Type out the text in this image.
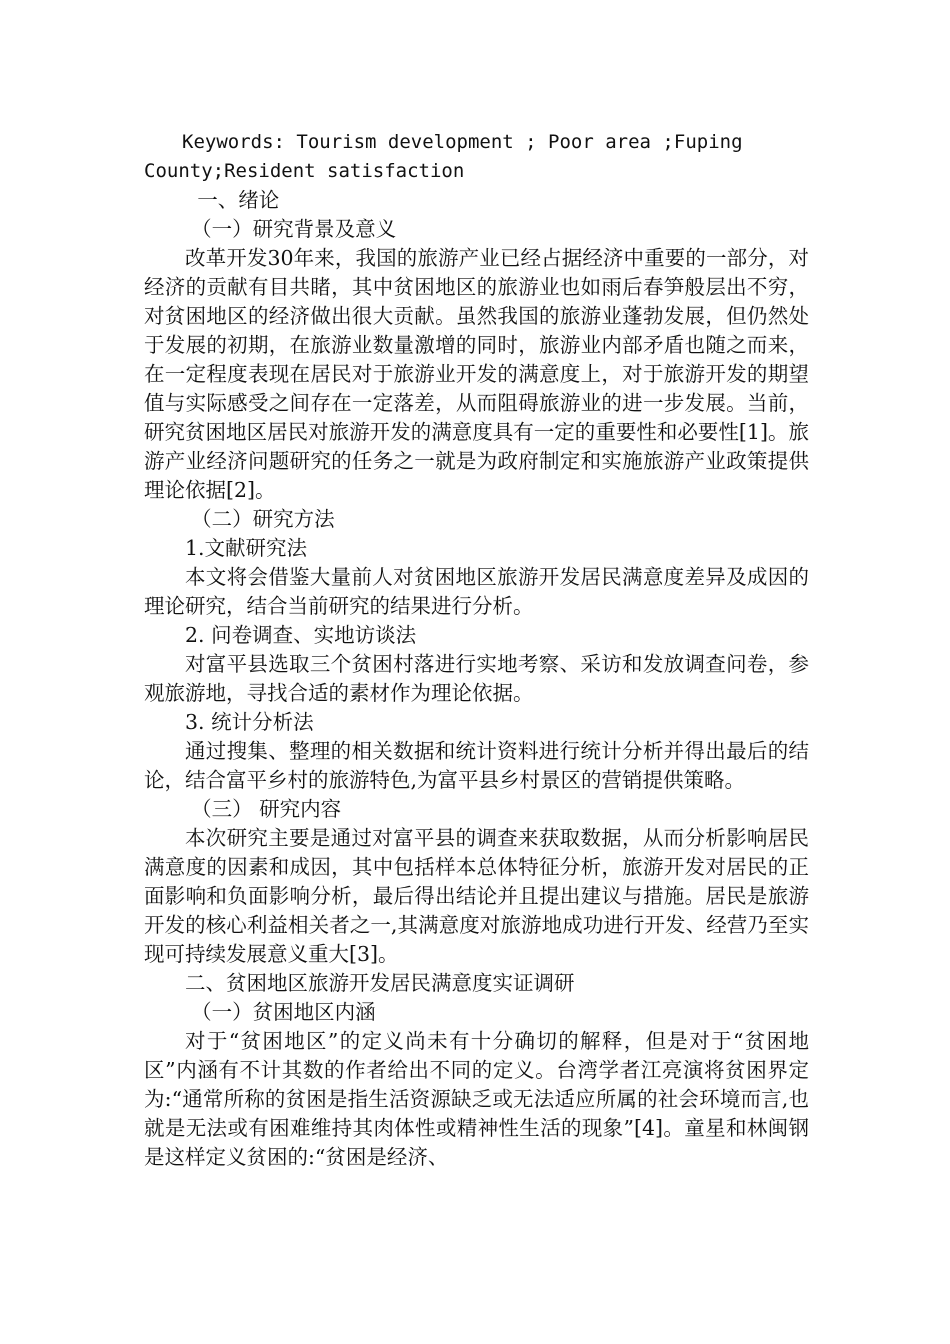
Keywords: Tourism development ; Poor area ;Fuping County;Resident satisfaction

一、绪论

（一）研究背景及意义

改革开发30年来，我国的旅游产业已经占据经济中重要的一部分，对经济的贡献有目共睹，其中贫困地区的旅游业也如雨后春笋般层出不穷，对贫困地区的经济做出很大贡献。虽然我国的旅游业蓬勃发展，但仍然处于发展的初期，在旅游业数量激增的同时，旅游业内部矛盾也随之而来，在一定程度表现在居民对于旅游业开发的满意度上，对于旅游开发的期望值与实际感受之间存在一定落差，从而阻碍旅游业的进一步发展。当前，研究贫困地区居民对旅游开发的满意度具有一定的重要性和必要性[1]。旅游产业经济问题研究的任务之一就是为政府制定和实施旅游产业政策提供理论依据[2]。

（二）研究方法

1.文献研究法

本文将会借鉴大量前人对贫困地区旅游开发居民满意度差异及成因的理论研究，结合当前研究的结果进行分析。

2. 问卷调查、实地访谈法

对富平县选取三个贫困村落进行实地考察、采访和发放调查问卷，参观旅游地，寻找合适的素材作为理论依据。

3. 统计分析法

通过搜集、整理的相关数据和统计资料进行统计分析并得出最后的结论，结合富平乡村的旅游特色,为富平县乡村景区的营销提供策略。

（三） 研究内容

本次研究主要是通过对富平县的调查来获取数据，从而分析影响居民满意度的因素和成因，其中包括样本总体特征分析，旅游开发对居民的正面影响和负面影响分析，最后得出结论并且提出建议与措施。居民是旅游开发的核心利益相关者之一,其满意度对旅游地成功进行开发、经营乃至实现可持续发展意义重大[3]。

二、贫困地区旅游开发居民满意度实证调研

（一）贫困地区内涵

对于“贫困地区”的定义尚未有十分确切的解释，但是对于“贫困地区”内涵有不计其数的作者给出不同的定义。台湾学者江亮演将贫困界定为:“通常所称的贫困是指生活资源缺乏或无法适应所属的社会环境而言,也就是无法或有困难维持其肉体性或精神性生活的现象”[4]。童星和林闽钢是这样定义贫困的:“贫困是经济、
